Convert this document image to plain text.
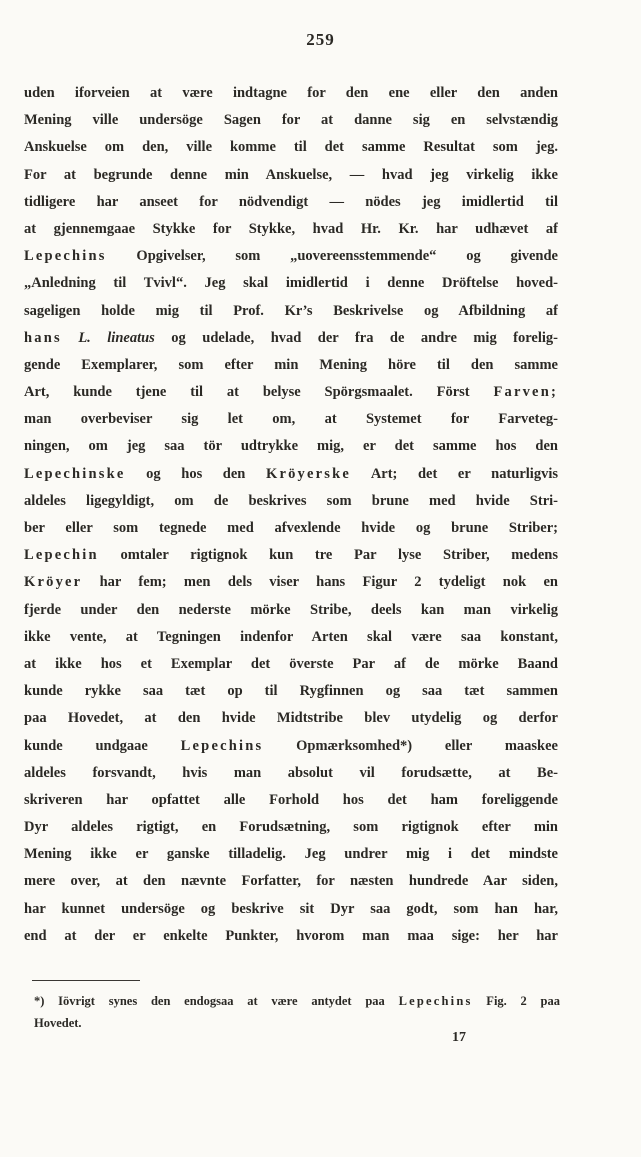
259
uden iforveien at være indtagne for den ene eller den anden
Mening ville undersöge Sagen for at danne sig en selvstændig
Anskuelse om den, ville komme til det samme Resultat som jeg.
For at begrunde denne min Anskuelse, — hvad jeg virkelig ikke
tidligere har anseet for nödvendigt — nödes jeg imidlertid til
at gjennemgaae Stykke for Stykke, hvad Hr. Kr. har udhævet af
Lepechins Opgivelser, som „uovereensstemmende“ og givende
„Anledning til Tvivl“. Jeg skal imidlertid i denne Dröftelse hoved-
sageligen holde mig til Prof. Kr’s Beskrivelse og Afbildning af
hans L. lineatus og udelade, hvad der fra de andre mig forelig-
gende Exemplarer, som efter min Mening höre til den samme
Art, kunde tjene til at belyse Spörgsmaalet. Först Farven;
man overbeviser sig let om, at Systemet for Farveteg-
ningen, om jeg saa tör udtrykke mig, er det samme hos den
Lepechinske og hos den Kröyerske Art; det er naturligvis
aldeles ligegyldigt, om de beskrives som brune med hvide Stri-
ber eller som tegnede med afvexlende hvide og brune Striber;
Lepechin omtaler rigtignok kun tre Par lyse Striber, medens
Kröyer har fem; men dels viser hans Figur 2 tydeligt nok en
fjerde under den nederste mörke Stribe, deels kan man virkelig
ikke vente, at Tegningen indenfor Arten skal være saa konstant,
at ikke hos et Exemplar det överste Par af de mörke Baand
kunde rykke saa tæt op til Rygfinnen og saa tæt sammen
paa Hovedet, at den hvide Midtstribe blev utydelig og derfor
kunde undgaae Lepechins Opmærksomhed*) eller maaskee
aldeles forsvandt, hvis man absolut vil forudsætte, at Be-
skriveren har opfattet alle Forhold hos det ham foreliggende
Dyr aldeles rigtigt, en Forudsætning, som rigtignok efter min
Mening ikke er ganske tilladelig. Jeg undrer mig i det mindste
mere over, at den nævnte Forfatter, for næsten hundrede Aar siden,
har kunnet undersöge og beskrive sit Dyr saa godt, som han har,
end at der er enkelte Punkter, hvorom man maa sige: her har
*) Iövrigt synes den endogsaa at være antydet paa Lepechins Fig. 2 paa
Hovedet.
17
